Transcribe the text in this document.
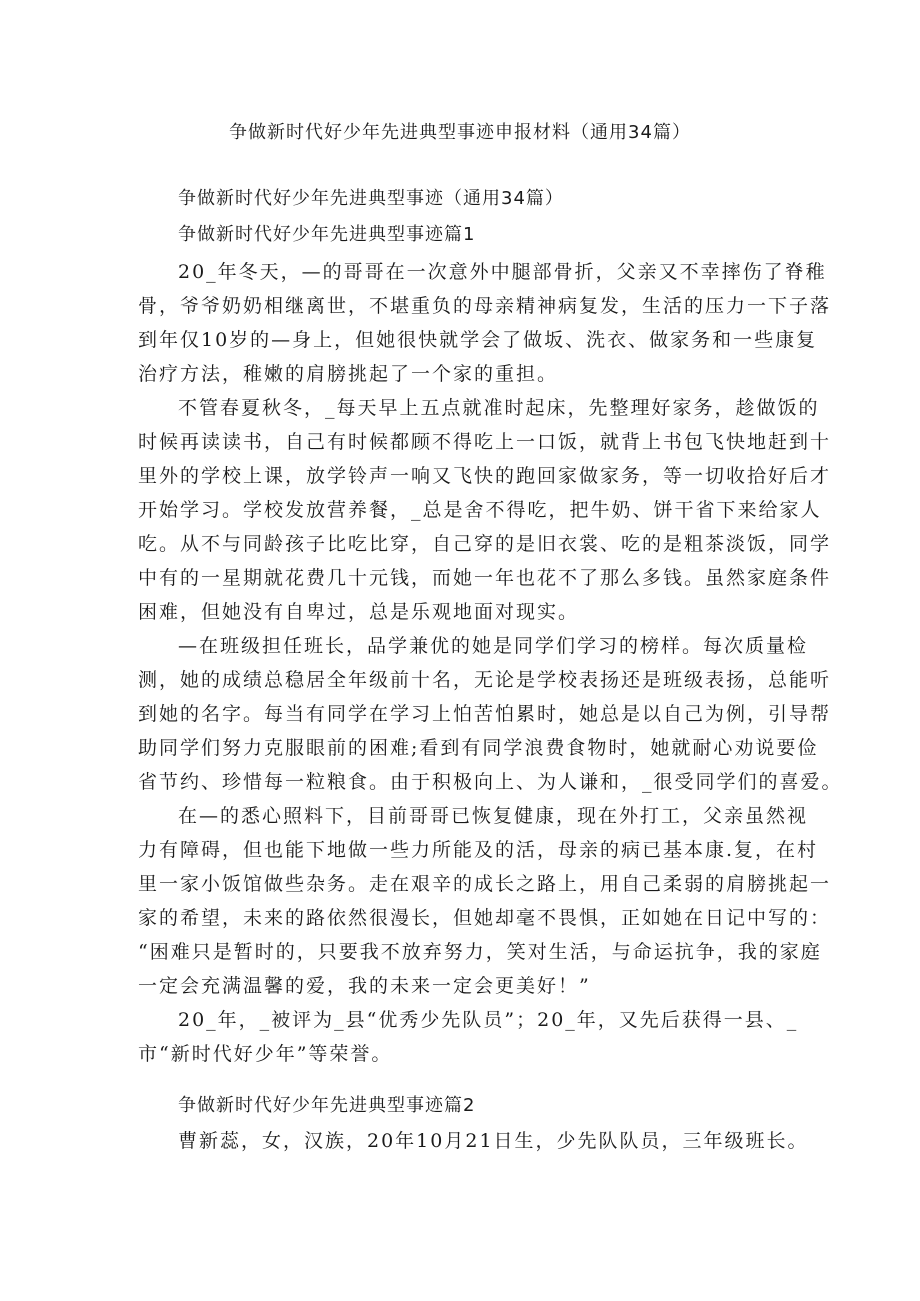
争做新时代好少年先进典型事迹申报材料（通用34篇）
争做新时代好少年先进典型事迹（通用34篇）
争做新时代好少年先进典型事迹篇1
20_年冬天，—的哥哥在一次意外中腿部骨折，父亲又不幸摔伤了脊稚
骨，爷爷奶奶相继离世，不堪重负的母亲精神病复发，生活的压力一下子落
到年仅10岁的—身上，但她很快就学会了做坂、洗衣、做家务和一些康复
治疗方法，稚嫩的肩膀挑起了一个家的重担。
不管春夏秋冬，_每天早上五点就准时起床，先整理好家务，趁做饭的
时候再读读书，自己有时候都顾不得吃上一口饭，就背上书包飞快地赶到十
里外的学校上课，放学铃声一响又飞快的跑回家做家务，等一切收拾好后才
开始学习。学校发放营养餐，_总是舍不得吃，把牛奶、饼干省下来给家人
吃。从不与同龄孩子比吃比穿，自己穿的是旧衣裳、吃的是粗茶淡饭，同学
中有的一星期就花费几十元钱，而她一年也花不了那么多钱。虽然家庭条件
困难，但她没有自卑过，总是乐观地面对现实。
—在班级担任班长，品学兼优的她是同学们学习的榜样。每次质量检
测，她的成绩总稳居全年级前十名，无论是学校表扬还是班级表扬，总能听
到她的名字。每当有同学在学习上怕苦怕累时，她总是以自己为例，引导帮
助同学们努力克服眼前的困难;看到有同学浪费食物时，她就耐心劝说要俭
省节约、珍惜每一粒粮食。由于积极向上、为人谦和，_很受同学们的喜爱。
在—的悉心照料下，目前哥哥已恢复健康，现在外打工，父亲虽然视
力有障碍，但也能下地做一些力所能及的活，母亲的病已基本康.复，在村
里一家小饭馆做些杂务。走在艰辛的成长之路上，用自己柔弱的肩膀挑起一
家的希望，未来的路依然很漫长，但她却毫不畏惧，正如她在日记中写的：
“困难只是暂时的，只要我不放弃努力，笑对生活，与命运抗争，我的家庭
一定会充满温馨的爱，我的未来一定会更美好！”
20_年，_被评为_县“优秀少先队员”；20_年，又先后获得一县、_
市“新时代好少年”等荣誉。
争做新时代好少年先进典型事迹篇2
曹新蕊，女，汉族，20年10月21日生，少先队队员，三年级班长。
